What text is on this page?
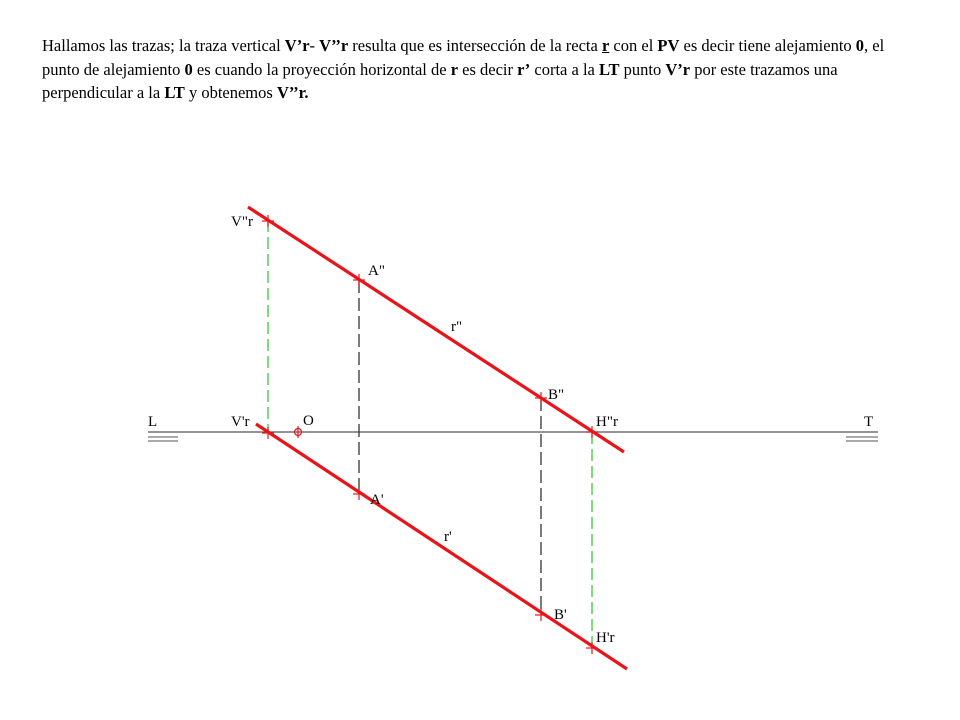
Hallamos las trazas; la traza vertical V’r- V’’r resulta que es intersección de la recta r con el PV es decir tiene alejamiento 0, el punto de alejamiento 0 es cuando la proyección horizontal de r es decir r’ corta a la LT punto V’r por este trazamos una perpendicular a la LT y obtenemos V’’r.

L	T
O
V"r
V'r
A"
A'
B"
B'
H"r
H'r
r"
r'
